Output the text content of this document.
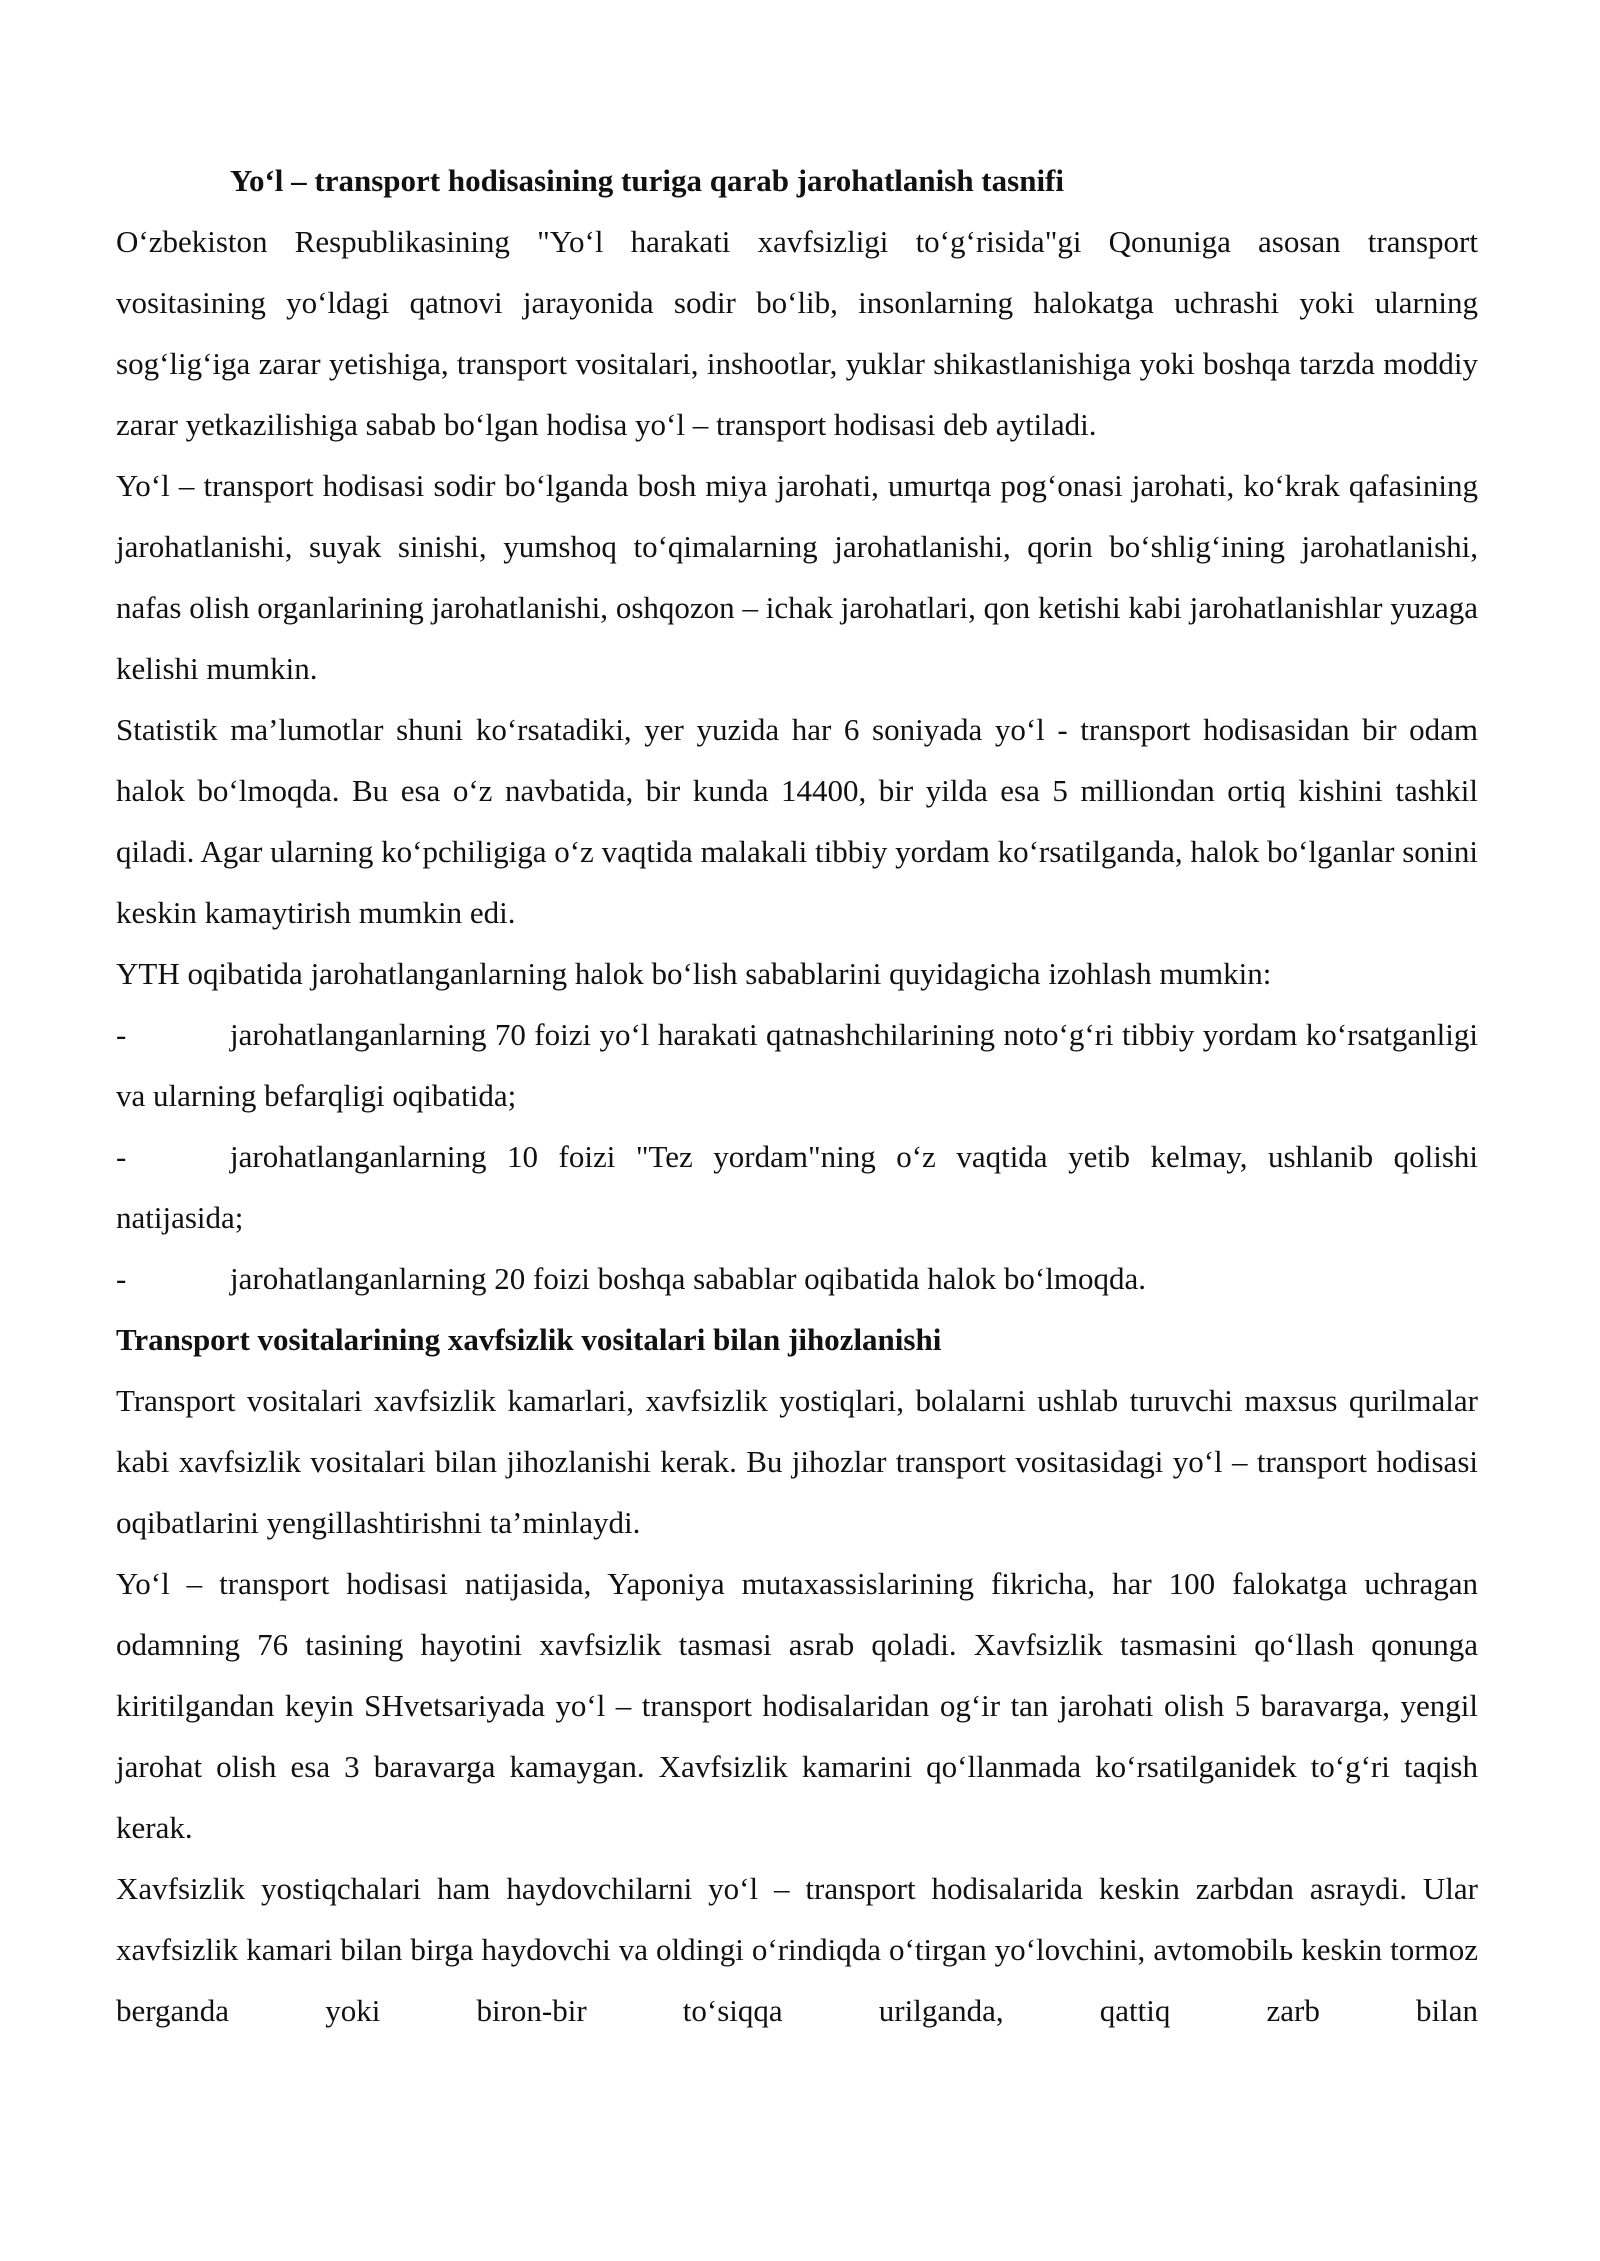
Yo‘l – transport hodisasining turiga qarab jarohatlanish tasnifi

O‘zbekiston Respublikasining "Yo‘l harakati xavfsizligi to‘g‘risida"gi Qonuniga asosan transport vositasining yo‘ldagi qatnovi jarayonida sodir bo‘lib, insonlarning halokatga uchrashi yoki ularning sog‘lig‘iga zarar yetishiga, transport vositalari, inshootlar, yuklar shikastlanishiga yoki boshqa tarzda moddiy zarar yetkazilishiga sabab bo‘lgan hodisa yo‘l – transport hodisasi deb aytiladi.

Yo‘l – transport hodisasi sodir bo‘lganda bosh miya jarohati, umurtqa pog‘onasi jarohati, ko‘krak qafasining jarohatlanishi, suyak sinishi, yumshoq to‘qimalarning jarohatlanishi, qorin bo‘shlig‘ining jarohatlanishi, nafas olish organlarining jarohatlanishi, oshqozon – ichak jarohatlari, qon ketishi kabi jarohatlanishlar yuzaga kelishi mumkin.

Statistik ma’lumotlar shuni ko‘rsatadiki, yer yuzida har 6 soniyada yo‘l - transport hodisasidan bir odam halok bo‘lmoqda. Bu esa o‘z navbatida, bir kunda 14400, bir yilda esa 5 milliondan ortiq kishini tashkil qiladi. Agar ularning ko‘pchiligiga o‘z vaqtida malakali tibbiy yordam ko‘rsatilganda, halok bo‘lganlar sonini keskin kamaytirish mumkin edi.

YTH oqibatida jarohatlanganlarning halok bo‘lish sabablarini quyidagicha izohlash mumkin:

-	jarohatlanganlarning 70 foizi yo‘l harakati qatnashchilarining noto‘g‘ri tibbiy yordam ko‘rsatganligi va ularning befarqligi oqibatida;

-	jarohatlanganlarning 10 foizi "Tez yordam"ning o‘z vaqtida yetib kelmay, ushlanib qolishi natijasida;

-	jarohatlanganlarning 20 foizi boshqa sabablar oqibatida halok bo‘lmoqda.

Transport vositalarining xavfsizlik vositalari bilan jihozlanishi

Transport vositalari xavfsizlik kamarlari, xavfsizlik yostiqlari, bolalarni ushlab turuvchi maxsus qurilmalar kabi xavfsizlik vositalari bilan jihozlanishi kerak. Bu jihozlar transport vositasidagi yo‘l – transport hodisasi oqibatlarini yengillashtirishni ta’minlaydi.

Yo‘l – transport hodisasi natijasida, Yaponiya mutaxassislarining fikricha, har 100 falokatga uchragan odamning 76 tasining hayotini xavfsizlik tasmasi asrab qoladi. Xavfsizlik tasmasini qo‘llash qonunga kiritilgandan keyin SHvetsariyada yo‘l – transport hodisalaridan og‘ir tan jarohati olish 5 baravarga, yengil jarohat olish esa 3 baravarga kamaygan. Xavfsizlik kamarini qo‘llanmada ko‘rsatilganidek to‘g‘ri taqish kerak.

Xavfsizlik yostiqchalari ham haydovchilarni yo‘l – transport hodisalarida keskin zarbdan asraydi. Ular xavfsizlik kamari bilan birga haydovchi va oldingi o‘rindiqda o‘tirgan yo‘lovchini, avtomobilь keskin tormoz berganda yoki biron-bir to‘siqqa urilganda, qattiq zarb bilan
